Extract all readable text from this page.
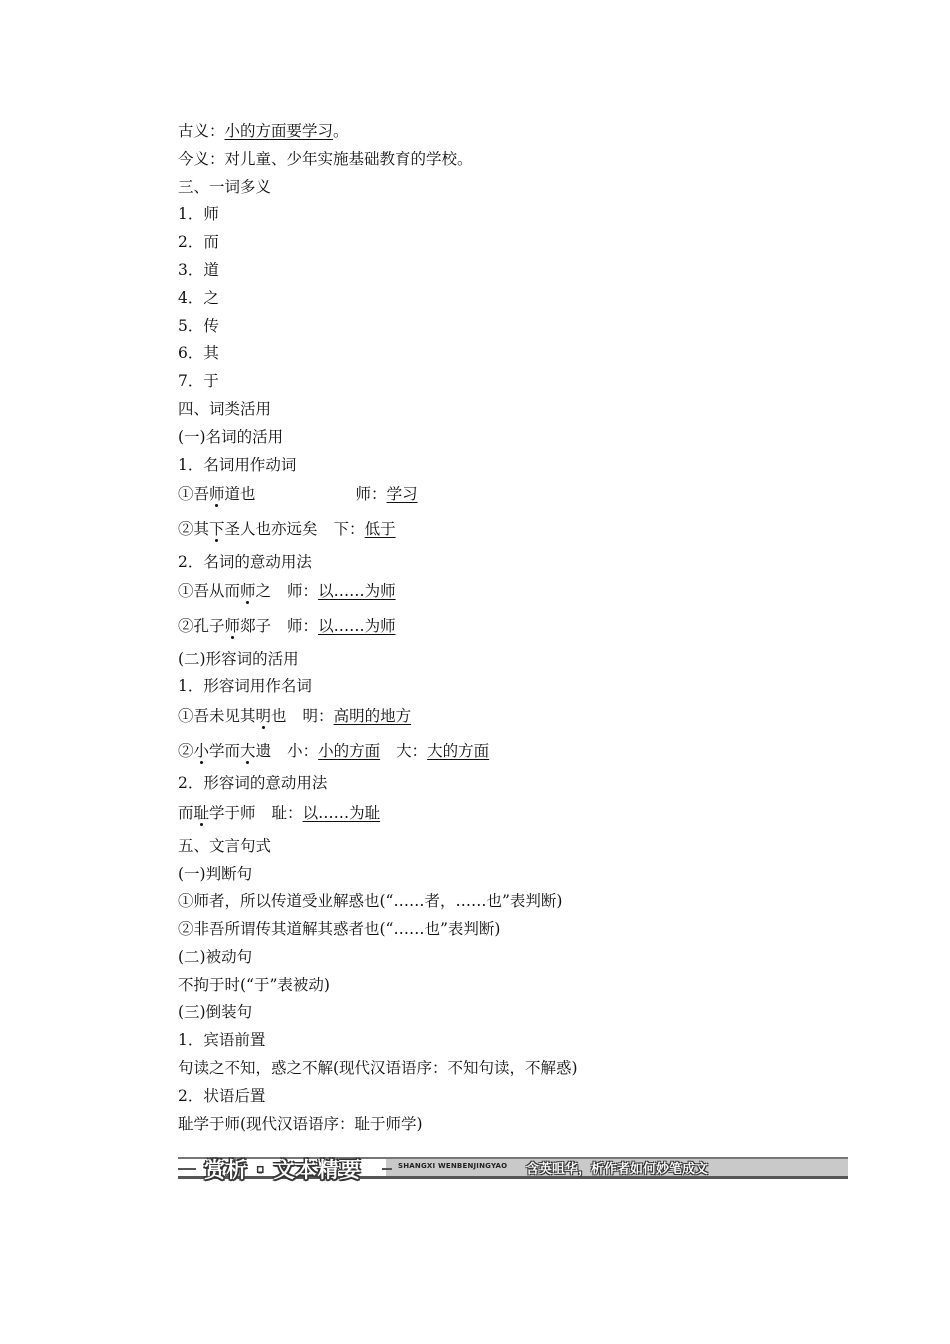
古义：小的方面要学习。
今义：对儿童、少年实施基础教育的学校。
三、一词多义
1．师
2．而
3．道
4．之
5．传
6．其
7．于
四、词类活用
(一)名词的活用
1．名词用作动词
①吾师道也	师：学习
②其下圣人也亦远矣 下：低于
2．名词的意动用法
①吾从而师之 师：以……为师
②孔子师郯子 师：以……为师
(二)形容词的活用
1．形容词用作名词
①吾未见其明也 明：高明的地方
②小学而大遗 小：小的方面 大：大的方面
2．形容词的意动用法
而耻学于师 耻：以……为耻
五、文言句式
(一)判断句
①师者，所以传道受业解惑也(“……者，……也”表判断)
②非吾所谓传其道解其惑者也(“……也”表判断)
(二)被动句
不拘于时(“于”表被动)
(三)倒装句
1．宾语前置
句读之不知，惑之不解(现代汉语语序：不知句读，不解惑)
2．状语后置
耻学于师(现代汉语语序：耻于师学)
赏析 · 文本精要	SHANGXI WENBENJINGYAO 含英咀华，析作者如何妙笔成文
